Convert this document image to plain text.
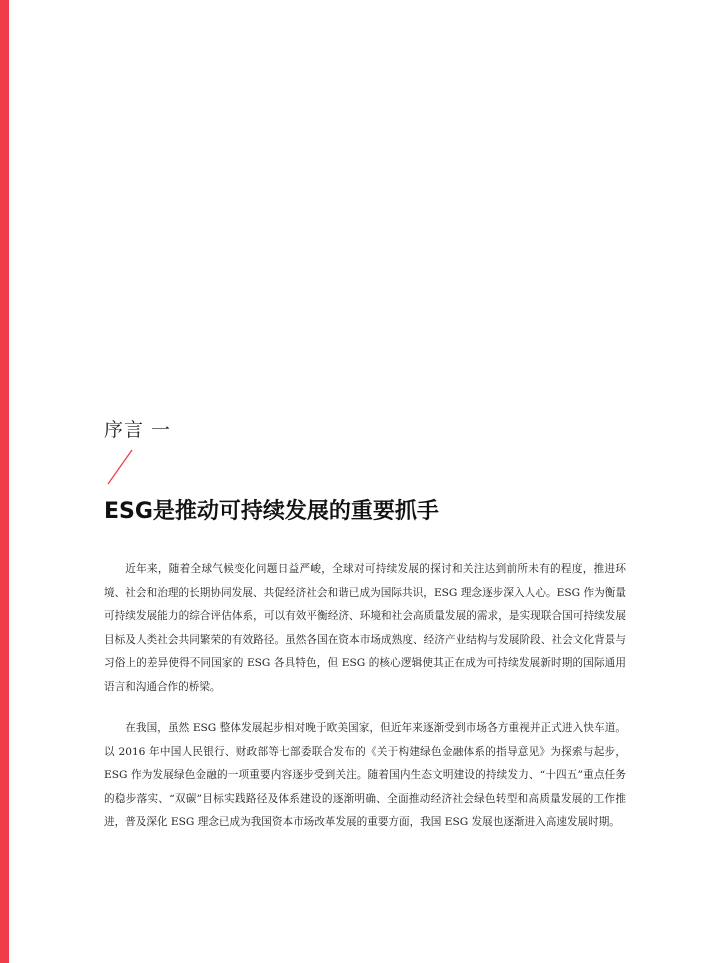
序言 一
ESG是推动可持续发展的重要抓手

近年来，随着全球气候变化问题日益严峻，全球对可持续发展的探讨和关注达到前所未有的程度，推进环境、社会和治理的长期协同发展、共促经济社会和谐已成为国际共识，ESG 理念逐步深入人心。ESG 作为衡量可持续发展能力的综合评估体系，可以有效平衡经济、环境和社会高质量发展的需求，是实现联合国可持续发展目标及人类社会共同繁荣的有效路径。虽然各国在资本市场成熟度、经济产业结构与发展阶段、社会文化背景与习俗上的差异使得不同国家的 ESG 各具特色，但 ESG 的核心逻辑使其正在成为可持续发展新时期的国际通用语言和沟通合作的桥梁。

在我国，虽然 ESG 整体发展起步相对晚于欧美国家，但近年来逐渐受到市场各方重视并正式进入快车道。以 2016 年中国人民银行、财政部等七部委联合发布的《关于构建绿色金融体系的指导意见》为探索与起步，ESG 作为发展绿色金融的一项重要内容逐步受到关注。随着国内生态文明建设的持续发力、“十四五”重点任务的稳步落实、“双碳”目标实践路径及体系建设的逐渐明确、全面推动经济社会绿色转型和高质量发展的工作推进，普及深化 ESG 理念已成为我国资本市场改革发展的重要方面，我国 ESG 发展也逐渐进入高速发展时期。
